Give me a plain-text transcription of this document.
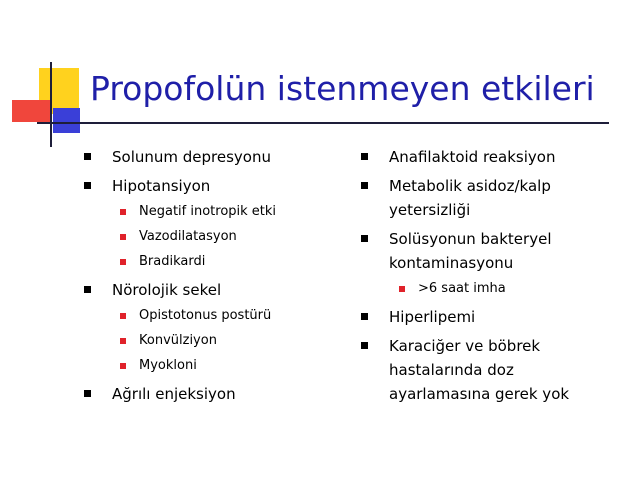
Propofolün istenmeyen etkileri
Solunum depresyonu
Hipotansiyon
Negatif inotropik etki
Vazodilatasyon
Bradikardi
Nörolojik sekel
Opistotonus postürü
Konvülziyon
Myokloni
Ağrılı enjeksiyon
Anafilaktoid reaksiyon
Metabolik asidoz/kalp
yetersizliği
Solüsyonun bakteryel
kontaminasyonu
>6 saat imha
Hiperlipemi
Karaciğer ve böbrek
hastalarında doz
ayarlamasına gerek yok
